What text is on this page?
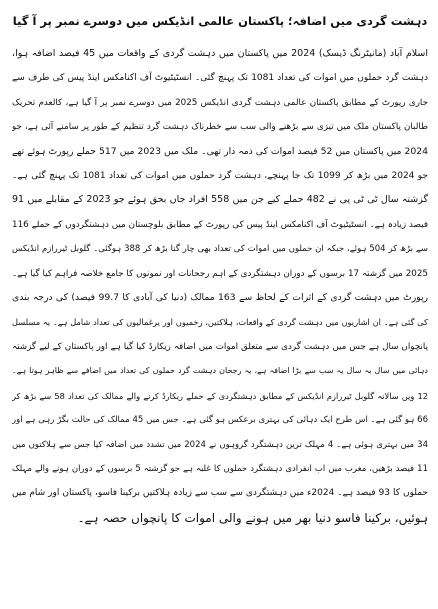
دہشت گردی میں اضافہ؛ پاکستان عالمی انڈیکس میں دوسرے نمبر پر آ گیا
اسلام آباد (مانیٹرنگ ڈیسک) 2024 میں پاکستان میں دہشت گردی کے واقعات میں 45 فیصد اضافہ ہوا،
دہشت گرد حملوں میں اموات کی تعداد 1081 تک پہنچ گئی۔ انسٹیٹیوٹ آف اکنامکس اینڈ پیس کی طرف سے
جاری رپورٹ کے مطابق پاکستان عالمی دہشت گردی انڈیکس 2025 میں دوسرے نمبر پر آ گیا ہے، کالعدم تحریک
طالبان پاکستان ملک میں تیزی سے بڑھنے والی سب سے خطرناک دہشت گرد تنظیم کے طور پر سامنے آئی ہے، جو
2024 میں پاکستان میں 52 فیصد اموات کی ذمہ دار تھی۔ ملک میں 2023 میں 517 حملے رپورٹ ہوئے تھے
جو 2024 میں بڑھ کر 1099 تک جا پہنچے، دہشت گرد حملوں میں اموات کی تعداد 1081 تک پہنچ گئی ہے۔
گزشتہ سال ٹی ٹی پی نے 482 حملے کیے جن میں 558 افراد جاں بحق ہوئے جو 2023 کے مقابلے میں 91
فیصد زیادہ ہے۔ انسٹیٹیوٹ آف اکنامکس اینڈ پیس کی رپورٹ کے مطابق بلوچستان میں دہشتگردوں کے حملے 116
سے بڑھ کر 504 ہوئے، جبکہ ان حملوں میں اموات کی تعداد بھی چار گنا بڑھ کر 388 ہوگئی۔ گلوبل ٹیررازم انڈیکس
2025 میں گزشتہ 17 برسوں کے دوران دہشتگردی کے اہم رجحانات اور نمونوں کا جامع خلاصہ فراہم کیا گیا ہے۔
رپورٹ میں دہشت گردی کے اثرات کے لحاظ سے 163 ممالک (دنیا کی آبادی کا 99.7 فیصد) کی درجہ بندی
کی گئی ہے۔ ان اشاریوں میں دہشت گردی کے واقعات، ہلاکتیں، زخمیوں اور یرغمالیوں کی تعداد شامل ہے۔ یہ مسلسل
پانچواں سال ہے جس میں دہشت گردی سے متعلق اموات میں اضافہ ریکارڈ کیا گیا ہے اور پاکستان کے لیے گزشتہ
دہائی میں سال بہ سال یہ سب سے بڑا اضافہ ہے، یہ رجحان دہشت گرد حملوں کی تعداد میں اضافے سے ظاہر ہوتا ہے۔
12 ویں سالانہ گلوبل ٹیررازم انڈیکس کے مطابق دہشتگردی کے حملے ریکارڈ کرنے والے ممالک کی تعداد 58 سے بڑھ کر
66 ہو گئی ہے۔ اس طرح ایک دہائی کی بہتری برعکس ہو گئی ہے۔ جس میں 45 ممالک کی حالت بگڑ رہی ہے اور
34 میں بہتری ہوئی ہے۔ 4 مہلک ترین دہشتگرد گروہوں نے 2024 میں تشدد میں اضافہ کیا جس سے ہلاکتوں میں
11 فیصد بڑھیں، مغرب میں اب انفرادی دہشتگرد حملوں کا غلبہ ہے جو گزشتہ 5 برسوں کے دوران ہونے والے مہلک
حملوں کا 93 فیصد ہے۔ 2024ء میں دہشتگردی سے سب سے زیادہ ہلاکتیں برکینا فاسو، پاکستان اور شام میں
ہوئیں، برکینا فاسو دنیا بھر میں ہونے والی اموات کا پانچواں حصہ ہے۔
